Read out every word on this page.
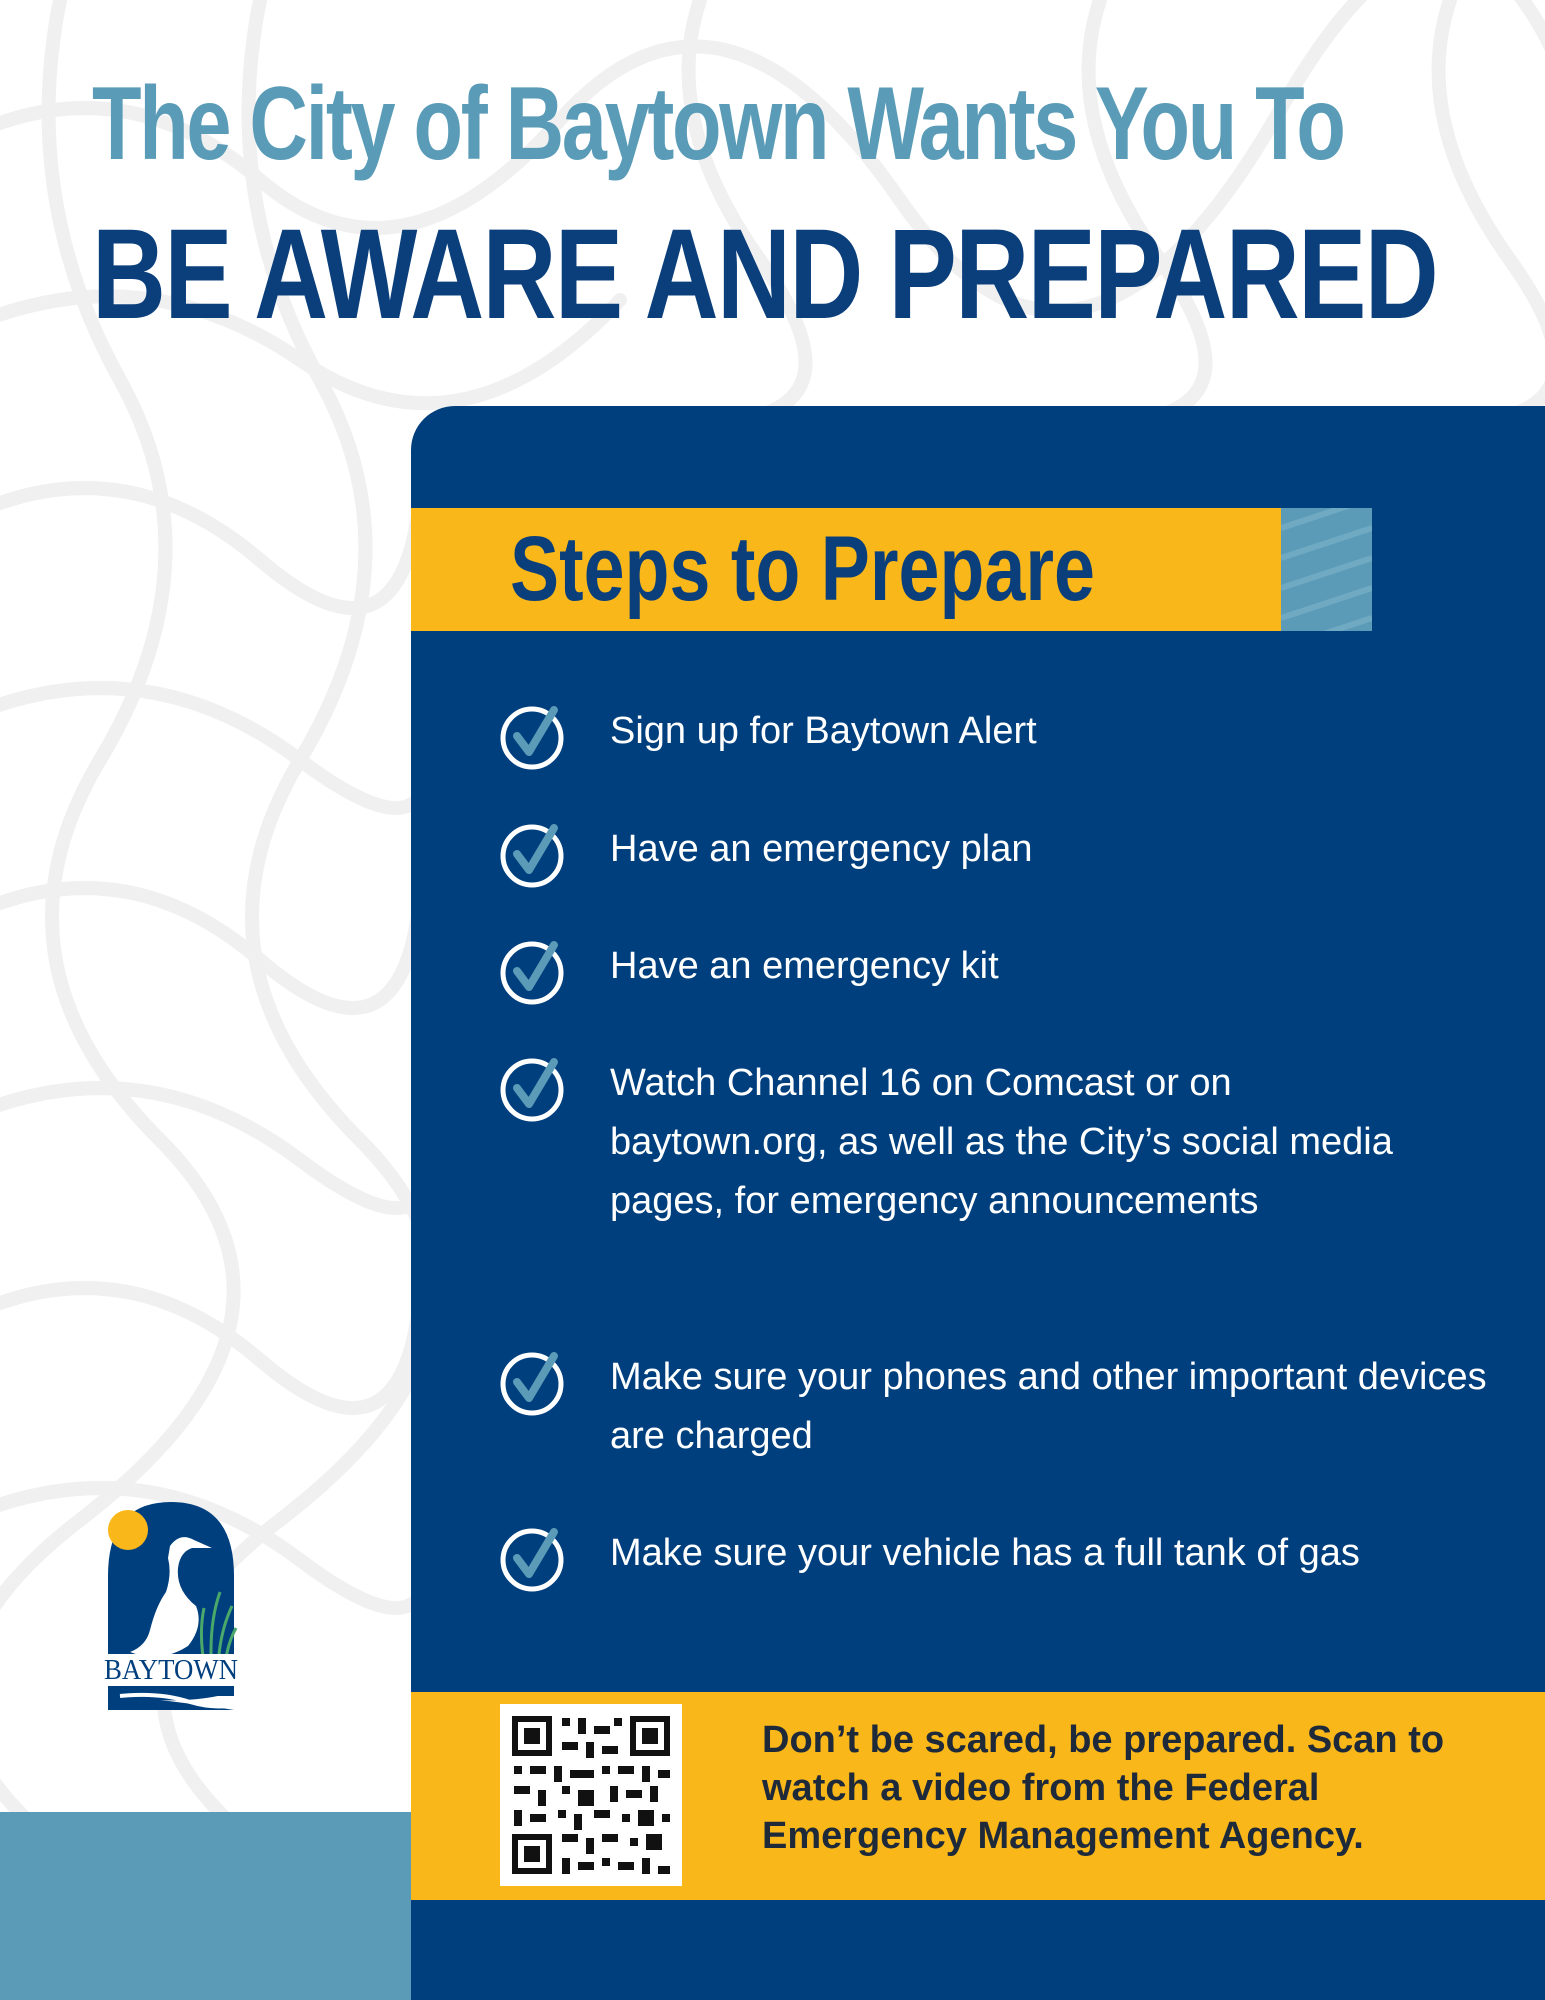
The City of Baytown Wants You To
BE AWARE AND PREPARED
Steps to Prepare
Sign up for Baytown Alert
Have an emergency plan
Have an emergency kit
Watch Channel 16 on Comcast or on baytown.org, as well as the City’s social media pages, for emergency announcements
Make sure your phones and other important devices are charged
Make sure your vehicle has a full tank of gas
Don’t be scared, be prepared. Scan to watch a video from the Federal Emergency Management Agency.
BAYTOWN
